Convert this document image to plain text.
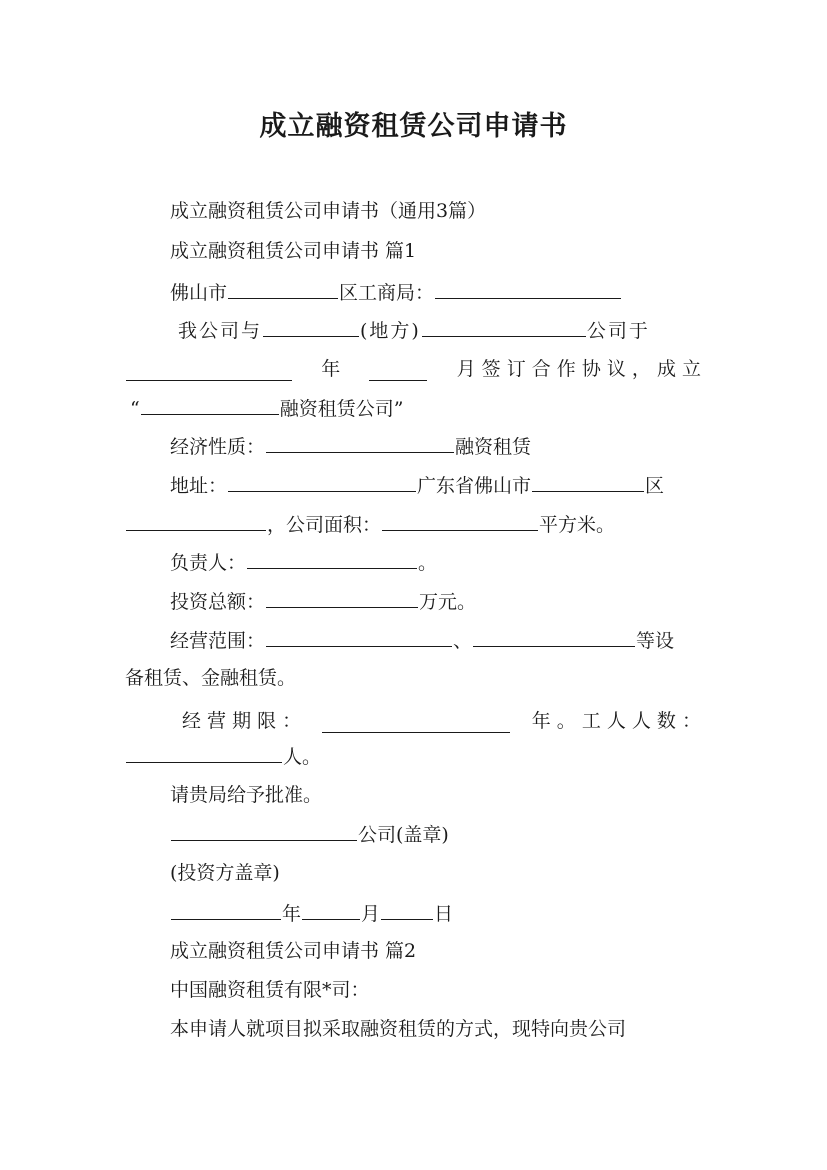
成立融资租赁公司申请书
成立融资租赁公司申请书（通用3篇）
成立融资租赁公司申请书 篇1
佛山市	区工商局：
我公司与	(地方)	公司于
年	月 签 订 合 作 协 议 ， 成 立
“	融资租赁公司”
经济性质：	融资租赁
地址：	广东省佛山市	区
，公司面积：	平方米。
负责人：	。
投资总额：	万元。
经营范围：	、	等设
备租赁、金融租赁。
经 营 期 限 ：	年 。 工 人 人 数 ：
人。
请贵局给予批准。
公司(盖章)
(投资方盖章)
年	月	日
成立融资租赁公司申请书 篇2
中国融资租赁有限*司：
本申请人就项目拟采取融资租赁的方式，现特向贵公司
